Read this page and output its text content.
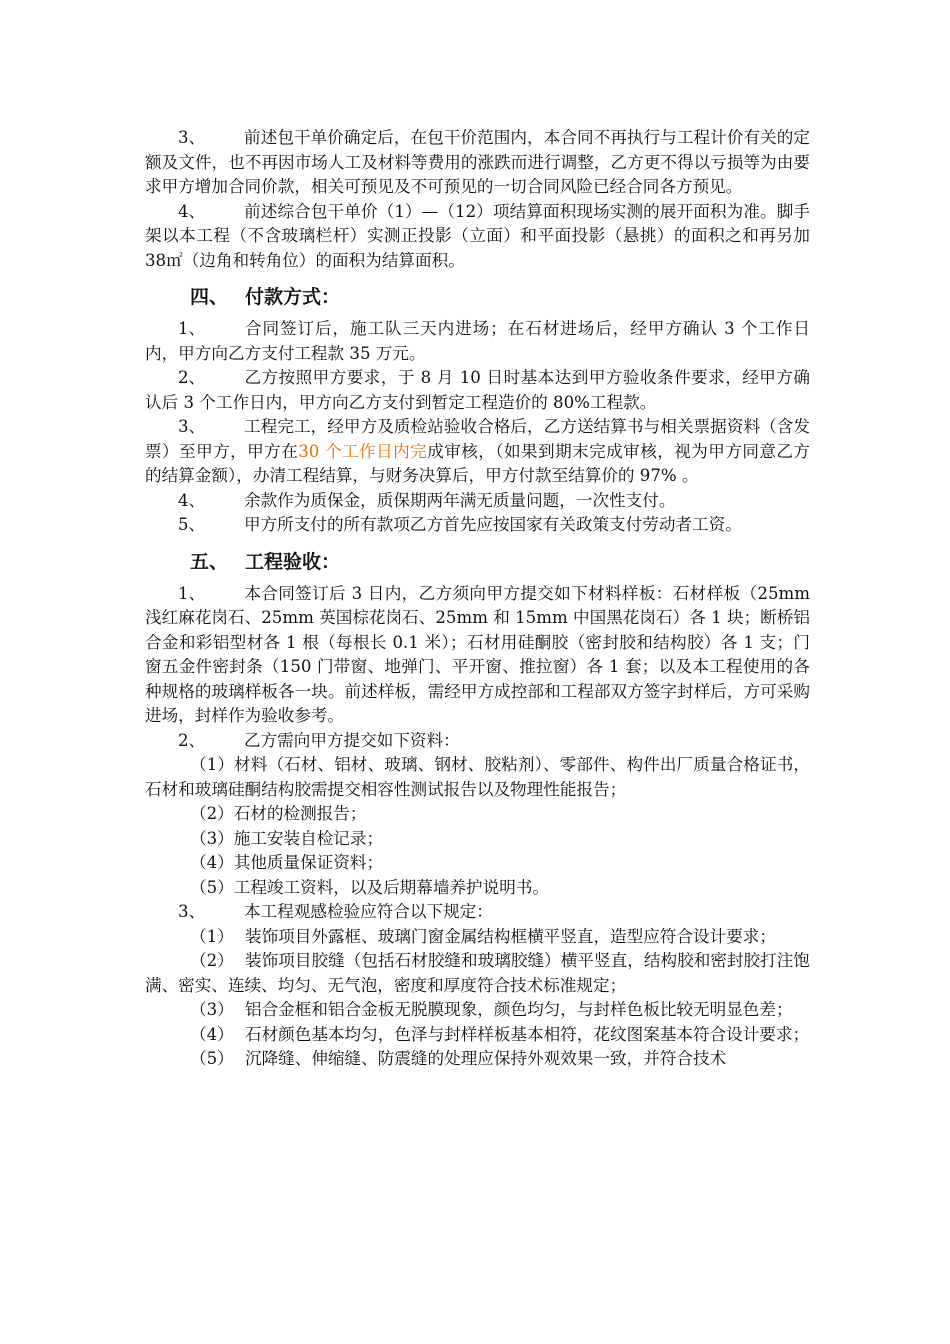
3、 前述包干单价确定后，在包干价范围内，本合同不再执行与工程计价有关的定额及文件，也不再因市场人工及材料等费用的涨跌而进行调整，乙方更不得以亏损等为由要求甲方增加合同价款，相关可预见及不可预见的一切合同风险已经合同各方预见。

4、 前述综合包干单价（1）—（12）项结算面积现场实测的展开面积为准。脚手架以本工程（不含玻璃栏杆）实测正投影（立面）和平面投影（悬挑）的面积之和再另加38㎡（边角和转角位）的面积为结算面积。

四、 付款方式：

1、 合同签订后，施工队三天内进场；在石材进场后，经甲方确认 3 个工作日内，甲方向乙方支付工程款 35 万元。

2、 乙方按照甲方要求，于 8 月 10 日时基本达到甲方验收条件要求，经甲方确认后 3 个工作日内，甲方向乙方支付到暂定工程造价的 80%工程款。

3、 工程完工，经甲方及质检站验收合格后，乙方送结算书与相关票据资料（含发票）至甲方，甲方在30 个工作日内完成审核，（如果到期末完成审核，视为甲方同意乙方的结算金额），办清工程结算，与财务决算后，甲方付款至结算价的 97% 。

4、 余款作为质保金，质保期两年满无质量问题，一次性支付。

5、 甲方所支付的所有款项乙方首先应按国家有关政策支付劳动者工资。

五、 工程验收：

1、 本合同签订后 3 日内，乙方须向甲方提交如下材料样板：石材样板（25mm 浅红麻花岗石、25mm 英国棕花岗石、25mm 和 15mm 中国黑花岗石）各 1 块；断桥铝合金和彩铝型材各 1 根（每根长 0.1 米）；石材用硅酮胶（密封胶和结构胶）各 1 支；门窗五金件密封条（150 门带窗、地弹门、平开窗、推拉窗）各 1 套；以及本工程使用的各种规格的玻璃样板各一块。前述样板，需经甲方成控部和工程部双方签字封样后，方可采购进场，封样作为验收参考。

2、 乙方需向甲方提交如下资料：

（1）材料（石材、铝材、玻璃、钢材、胶粘剂）、零部件、构件出厂质量合格证书，石材和玻璃硅酮结构胶需提交相容性测试报告以及物理性能报告；

（2）石材的检测报告；

（3）施工安装自检记录；

（4）其他质量保证资料；

（5）工程竣工资料，以及后期幕墙养护说明书。

3、 本工程观感检验应符合以下规定：

（1） 装饰项目外露框、玻璃门窗金属结构框横平竖直，造型应符合设计要求；

（2） 装饰项目胶缝（包括石材胶缝和玻璃胶缝）横平竖直，结构胶和密封胶打注饱满、密实、连续、均匀、无气泡，密度和厚度符合技术标准规定；

（3） 铝合金框和铝合金板无脱膜现象，颜色均匀，与封样色板比较无明显色差；

（4） 石材颜色基本均匀，色泽与封样样板基本相符，花纹图案基本符合设计要求；

（5） 沉降缝、伸缩缝、防震缝的处理应保持外观效果一致，并符合技术
